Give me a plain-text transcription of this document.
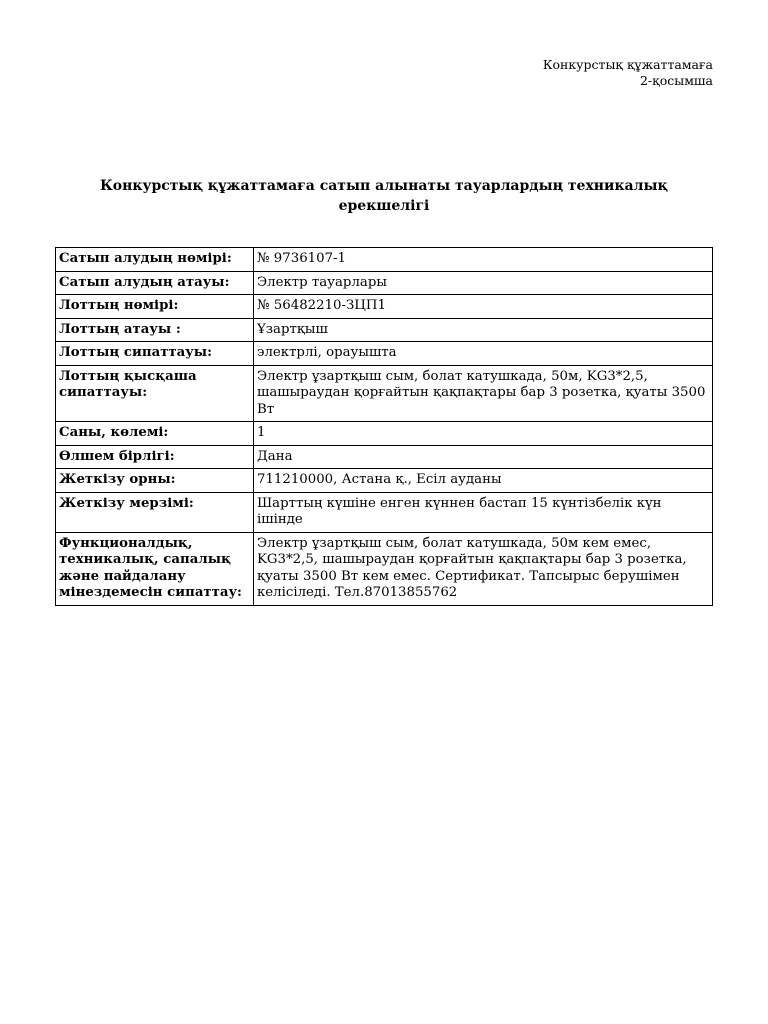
Конкурстық құжаттамаға
2-қосымша
Конкурстық құжаттамаға сатып алынаты тауарлардың техникалық ерекшелігі
Сатып алудың нөмірі:	№ 9736107-1
Сатып алудың атауы:	Электр тауарлары
Лоттың нөмірі:	№ 56482210-ЗЦП1
Лоттың атауы :	Ұзартқыш
Лоттың сипаттауы:	электрлі, орауышта
Лоттың қысқаша сипаттауы:	Электр ұзартқыш сым, болат катушкада, 50м, KG3*2,5, шашыраудан қорғайтын қақпақтары бар 3 розетка, қуаты 3500 Вт
Саны, көлемі:	1
Өлшем бірлігі:	Дана
Жеткізу орны:	711210000, Астана қ., Есіл ауданы
Жеткізу мерзімі:	Шарттың күшіне енген күннен бастап 15 күнтізбелік күн ішінде
Функционалдық, техникалық, сапалық және пайдалану мінездемесін сипаттау:	Электр ұзартқыш сым, болат катушкада, 50м кем емес, KG3*2,5, шашыраудан қорғайтын қақпақтары бар 3 розетка, қуаты 3500 Вт кем емес. Сертификат. Тапсырыс берушімен келісіледі. Тел.87013855762
